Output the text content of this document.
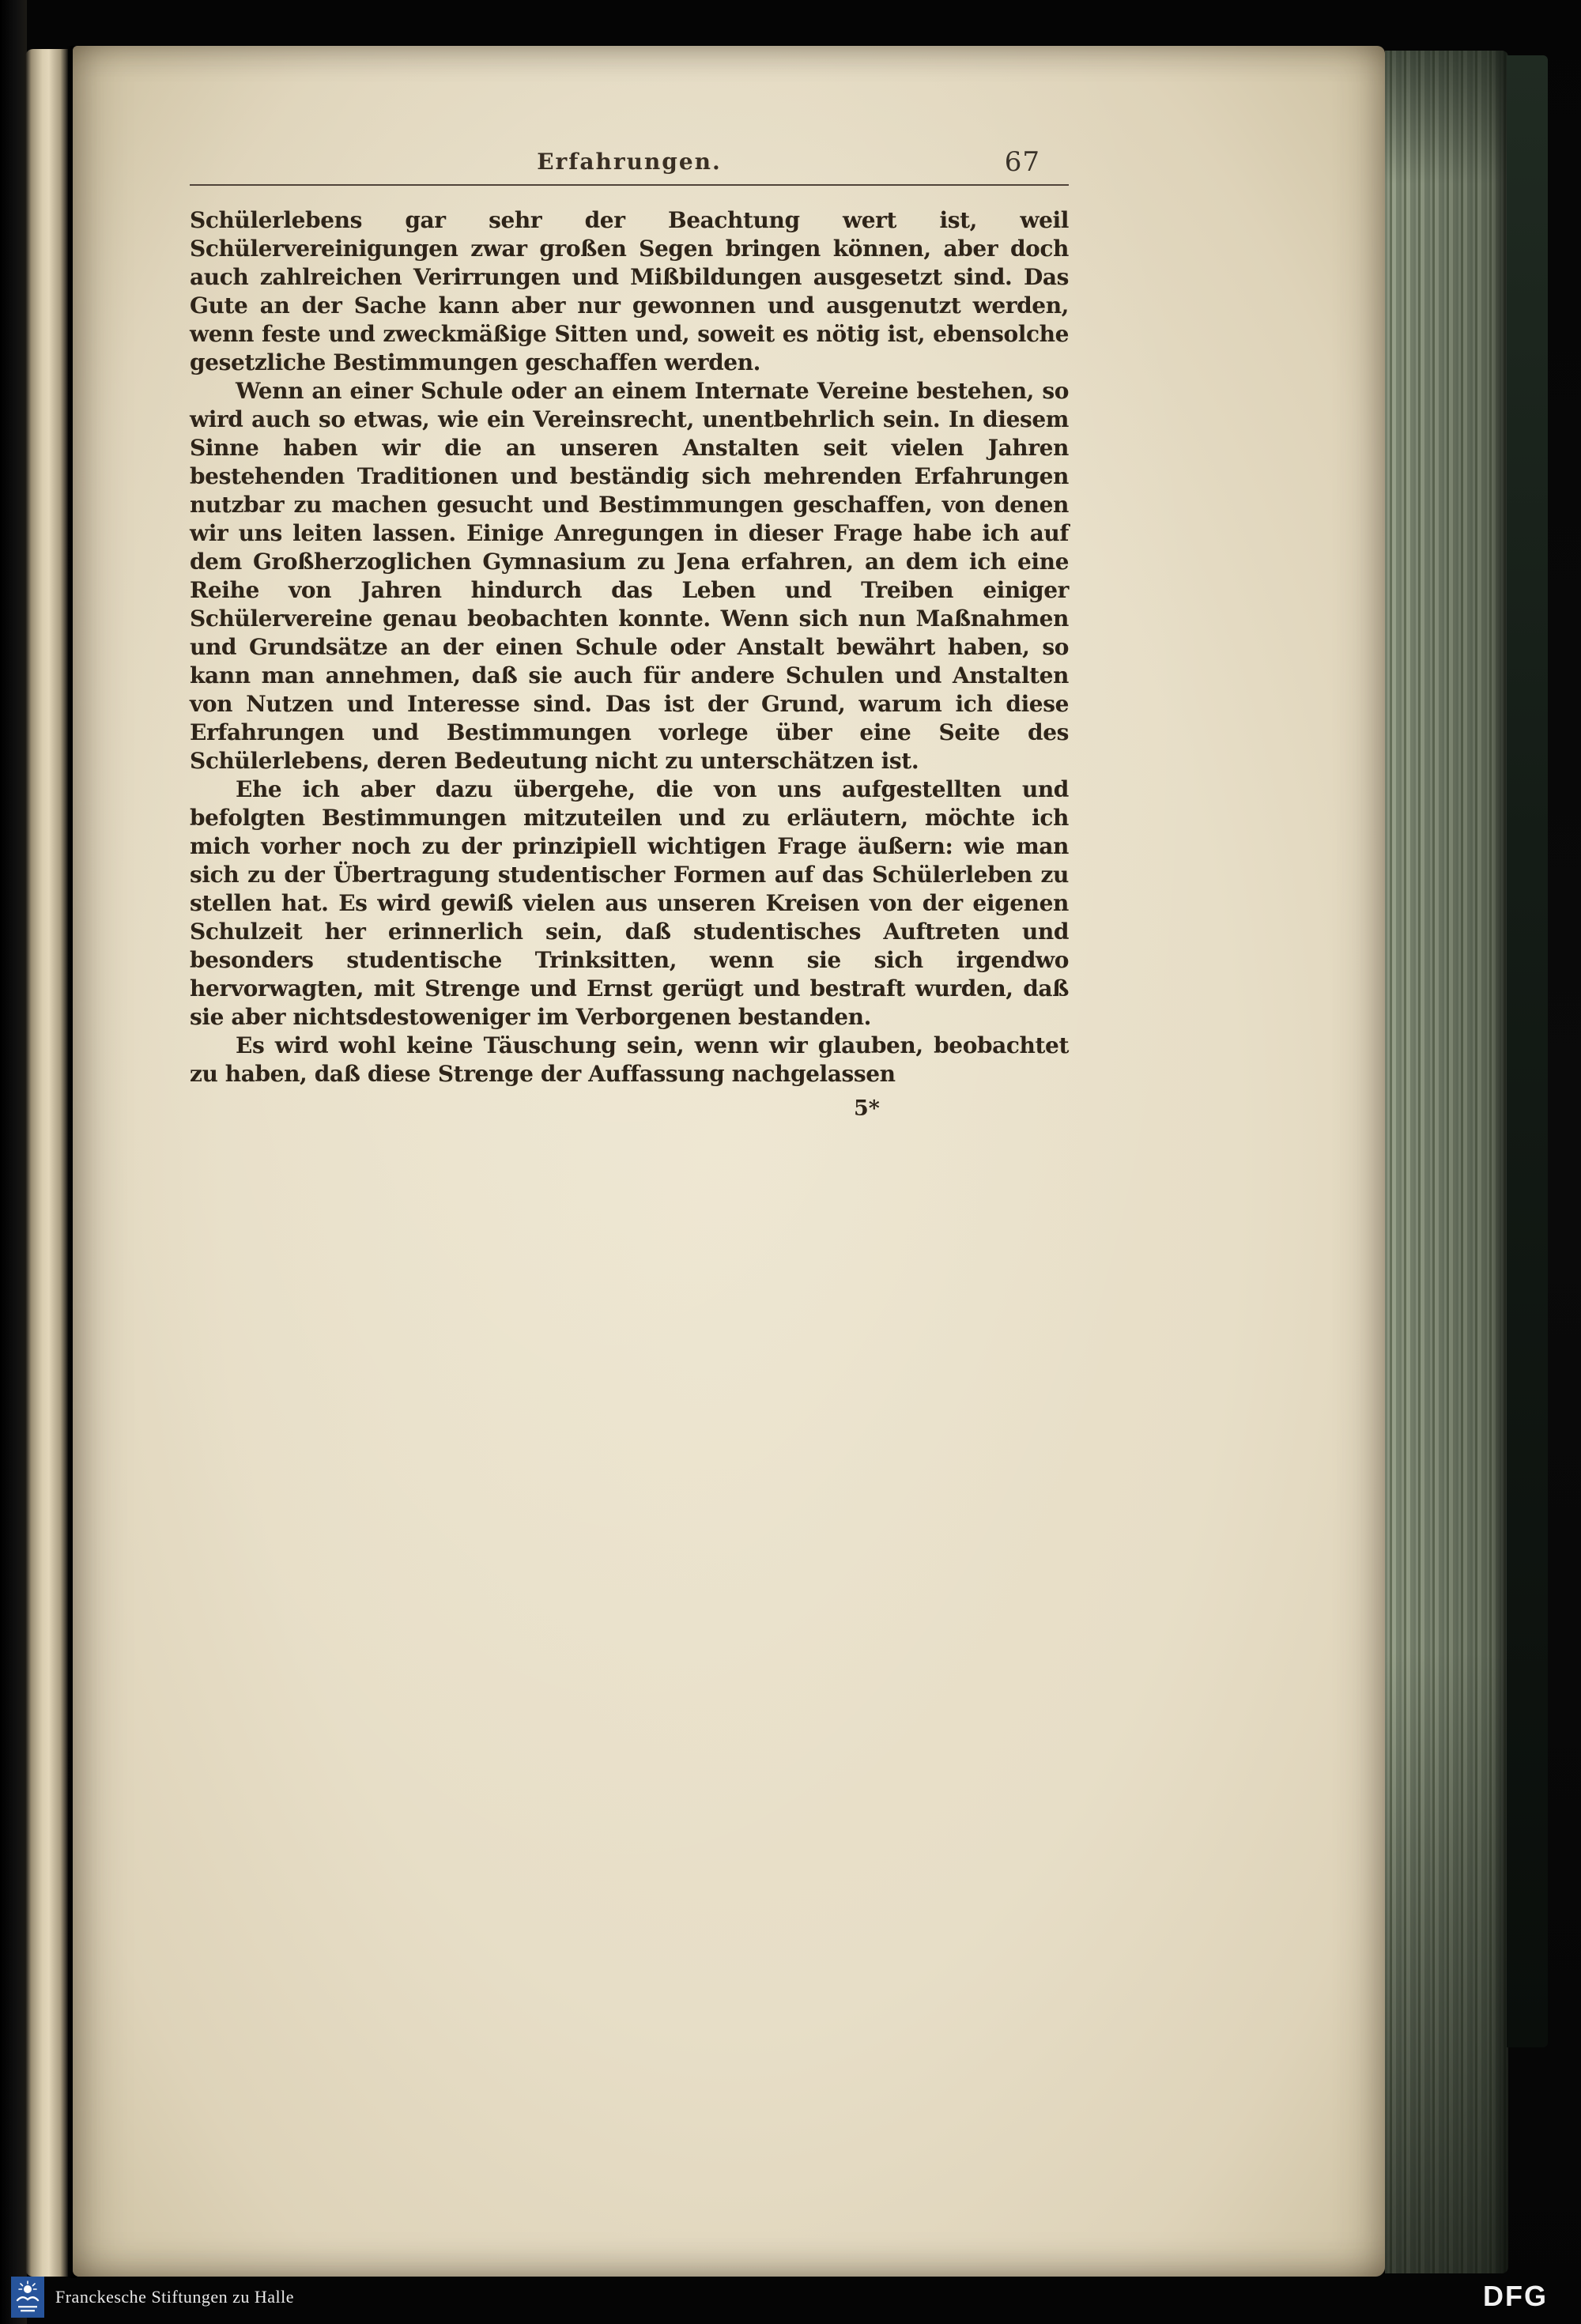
Erfahrungen.	67

Schülerlebens gar sehr der Beachtung wert ist, weil Schülervereinigungen zwar großen Segen bringen können, aber doch auch zahlreichen Verirrungen und Mißbildungen ausgesetzt sind. Das Gute an der Sache kann aber nur gewonnen und ausgenutzt werden, wenn feste und zweckmäßige Sitten und, soweit es nötig ist, ebensolche gesetzliche Bestimmungen geschaffen werden.

Wenn an einer Schule oder an einem Internate Vereine bestehen, so wird auch so etwas, wie ein Vereinsrecht, unentbehrlich sein. In diesem Sinne haben wir die an unseren Anstalten seit vielen Jahren bestehenden Traditionen und beständig sich mehrenden Erfahrungen nutzbar zu machen gesucht und Bestimmungen geschaffen, von denen wir uns leiten lassen. Einige Anregungen in dieser Frage habe ich auf dem Großherzoglichen Gymnasium zu Jena erfahren, an dem ich eine Reihe von Jahren hindurch das Leben und Treiben einiger Schülervereine genau beobachten konnte. Wenn sich nun Maßnahmen und Grundsätze an der einen Schule oder Anstalt bewährt haben, so kann man annehmen, daß sie auch für andere Schulen und Anstalten von Nutzen und Interesse sind. Das ist der Grund, warum ich diese Erfahrungen und Bestimmungen vorlege über eine Seite des Schülerlebens, deren Bedeutung nicht zu unterschätzen ist.

Ehe ich aber dazu übergehe, die von uns aufgestellten und befolgten Bestimmungen mitzuteilen und zu erläutern, möchte ich mich vorher noch zu der prinzipiell wichtigen Frage äußern: wie man sich zu der Übertragung studentischer Formen auf das Schülerleben zu stellen hat. Es wird gewiß vielen aus unseren Kreisen von der eigenen Schulzeit her erinnerlich sein, daß studentisches Auftreten und besonders studentische Trinksitten, wenn sie sich irgendwo hervorwagten, mit Strenge und Ernst gerügt und bestraft wurden, daß sie aber nichtsdestoweniger im Verborgenen bestanden.

Es wird wohl keine Täuschung sein, wenn wir glauben, beobachtet zu haben, daß diese Strenge der Auffassung nachgelassen

5*
Franckesche Stiftungen zu Halle	DFG
